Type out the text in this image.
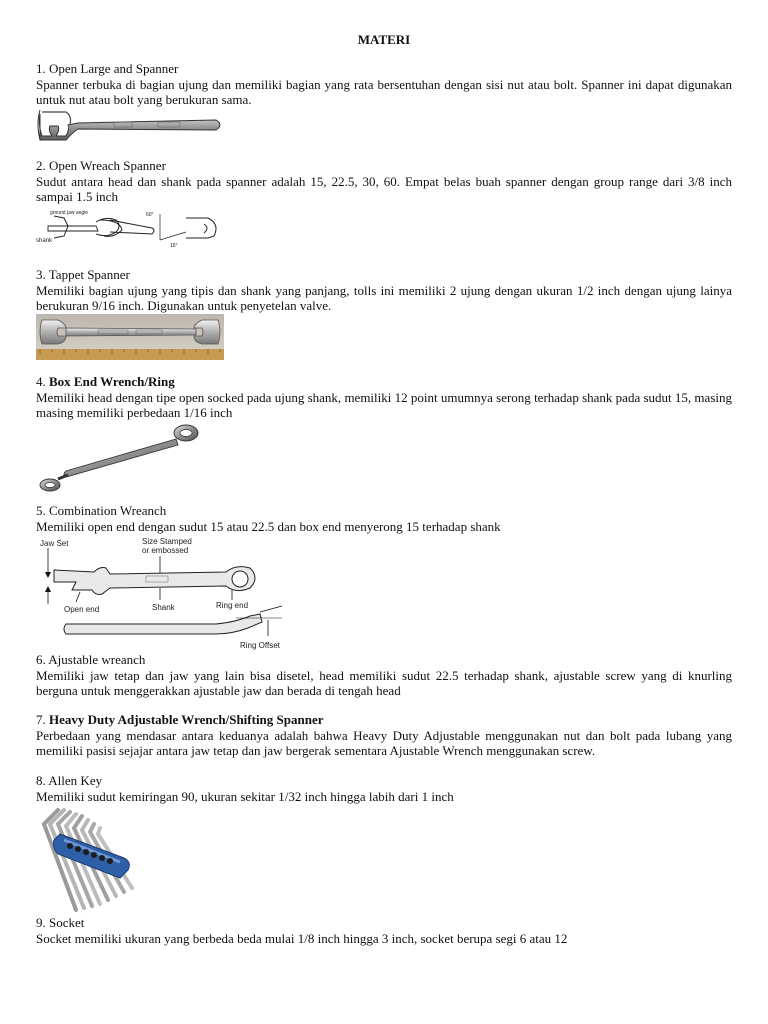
MATERI

1. Open Large and Spanner

Spanner terbuka di bagian ujung dan memiliki bagian yang rata bersentuhan dengan sisi nut atau bolt. Spanner ini dapat digunakan untuk nut atau bolt yang berukuran sama.

2. Open Wreach Spanner

Sudut antara head dan shank pada spanner adalah 15, 22.5, 30, 60. Empat belas buah spanner dengan group range dari 3/8 inch sampai 1.5 inch

ground jaw angle
shank
15°
60°

3. Tappet Spanner

Memiliki bagian ujung yang tipis dan shank yang panjang, tolls ini memiliki 2 ujung dengan ukuran 1/2 inch dengan ujung lainya berukuran 9/16 inch. Digunakan untuk penyetelan valve.

4. Box End Wrench/Ring

Memiliki head dengan tipe open socked pada ujung shank, memiliki 12 point umumnya serong terhadap shank pada sudut 15, masing masing memiliki perbedaan 1/16 inch

5. Combination Wreanch

Memiliki open end dengan sudut 15 atau 22.5 dan box end menyerong 15 terhadap shank

Jaw Set	Size Stamped
or embossed
Shank
Open end	Ring end
Ring Offset

6. Ajustable wreanch

Memiliki jaw tetap dan jaw yang lain bisa disetel, head memiliki sudut 22.5 terhadap shank, ajustable screw yang di knurling berguna untuk menggerakkan ajustable jaw dan berada di tengah head

7. Heavy Duty Adjustable Wrench/Shifting Spanner

Perbedaan yang mendasar antara keduanya adalah bahwa Heavy Duty Adjustable menggunakan nut dan bolt pada lubang yang memiliki pasisi sejajar antara jaw tetap dan jaw bergerak sementara Ajustable Wrench menggunakan screw.

8. Allen Key

Memiliki sudut kemiringan 90, ukuran sekitar 1/32 inch hingga labih dari 1 inch

9. Socket

Socket memiliki ukuran yang berbeda beda mulai 1/8 inch hingga 3 inch, socket berupa segi 6 atau 12
